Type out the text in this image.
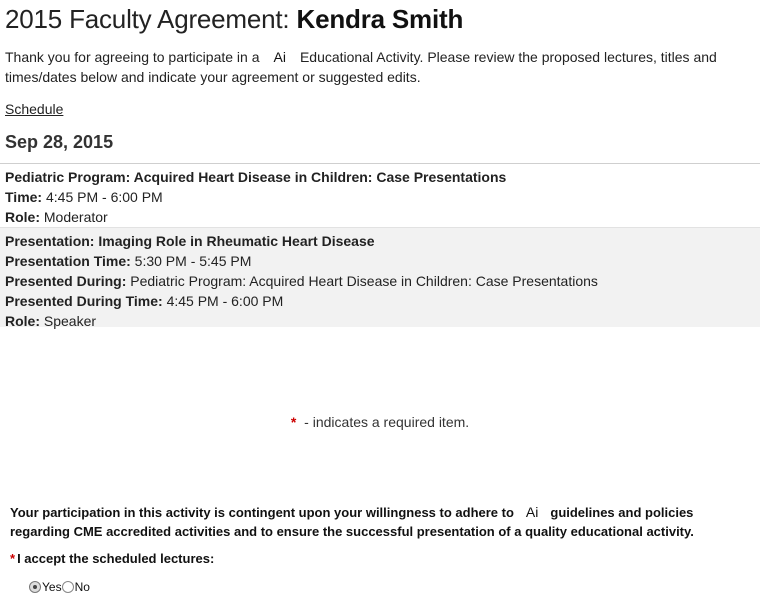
2015 Faculty Agreement: Kendra Smith
Thank you for agreeing to participate in a Ai Educational Activity. Please review the proposed lectures, titles and times/dates below and indicate your agreement or suggested edits.
Schedule
Sep 28, 2015
Pediatric Program: Acquired Heart Disease in Children: Case Presentations
Time: 4:45 PM - 6:00 PM
Role: Moderator
Presentation: Imaging Role in Rheumatic Heart Disease
Presentation Time: 5:30 PM - 5:45 PM
Presented During: Pediatric Program: Acquired Heart Disease in Children: Case Presentations
Presented During Time: 4:45 PM - 6:00 PM
Role: Speaker
* - indicates a required item.
Your participation in this activity is contingent upon your willingness to adhere to Ai guidelines and policies regarding CME accredited activities and to ensure the successful presentation of a quality educational activity.
* I accept the scheduled lectures:
Yes No
